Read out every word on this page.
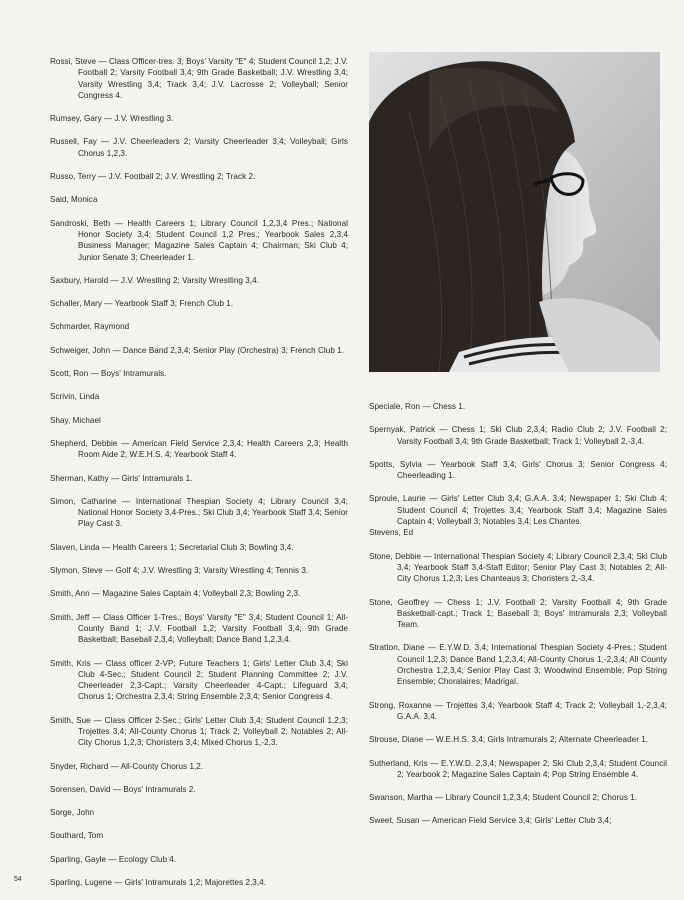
Rossi, Steve — Class Officer-tres. 3; Boys' Varsity "E" 4; Student Council 1,2; J.V. Football 2; Varsity Football 3,4; 9th Grade Basketball; J.V. Wrestling 3,4; Varsity Wrestling 3,4; Track 3,4; J.V. Lacrosse 2; Volleyball; Senior Congress 4.
Rumsey, Gary — J.V. Wrestling 3.
Russell, Fay — J.V. Cheerleaders 2; Varsity Cheerleader 3,4; Volleyball; Girls Chorus 1,2,3.
Russo, Terry — J.V. Football 2; J.V. Wrestling 2; Track 2.
Said, Monica
Sandroski, Beth — Health Careers 1; Library Council 1,2,3,4 Pres.; National Honor Society 3,4; Student Council 1,2 Pres.; Yearbook Sales 2,3,4 Business Manager; Magazine Sales Captain 4; Chairman; Ski Club 4; Junior Senate 3; Cheerleader 1.
Saxbury, Harold — J.V. Wrestling 2; Varsity Wrestling 3,4.
Schaller, Mary — Yearbook Staff 3; French Club 1.
Schmarder, Raymond
Schweiger, John — Dance Band 2,3,4; Senior Play (Orchestra) 3; French Club 1.
Scott, Ron — Boys' Intramurals.
Scrivin, Linda
Shay, Michael
Shepherd, Debbie — American Field Service 2,3,4; Health Careers 2,3; Health Room Aide 2; W.E.H.S. 4; Yearbook Staff 4.
Sherman, Kathy — Girls' Intramurals 1.
Simon, Catharine — International Thespian Society 4; Library Council 3,4; National Honor Society 3,4-Pres.; Ski Club 3,4; Yearbook Staff 3,4; Senior Play Cast 3.
Slaven, Linda — Health Careers 1; Secretarial Club 3; Bowling 3,4.
Slymon, Steve — Golf 4; J.V. Wrestling 3; Varsity Wrestling 4; Tennis 3.
Smith, Ann — Magazine Sales Captain 4; Volleyball 2,3; Bowling 2,3.
Smith, Jeff — Class Officer 1-Tres.; Boys' Varsity "E" 3,4; Student Council 1; All-County Band 1; J.V. Football 1,2; Varsity Football 3,4; 9th Grade Basketball; Baseball 2,3,4; Volleyball; Dance Band 1,2,3,4.
Smith, Kris — Class officer 2-VP; Future Teachers 1; Girls' Letter Club 3,4; Ski Club 4-Sec.; Student Council 2; Student Planning Committee 2; J.V. Cheerleader 2,3-Capt.; Varsity Cheerleader 4-Capt.; Lifeguard 3,4; Chorus 1; Orchestra 2,3,4; String Ensemble 2,3,4; Senior Congress 4.
Smith, Sue — Class Officer 2-Sec.; Girls' Letter Club 3,4; Student Council 1,2,3; Trojettes 3,4; All-County Chorus 1; Track 2; Volleyball 2; Notables 2; All-City Chorus 1,2,3; Choristers 3,4; Mixed Chorus 1,-2,3.
Snyder, Richard — All-County Chorus 1,2.
Sorensen, David — Boys' Intramurals 2.
Sorge, John
Southard, Tom
Sparling, Gayle — Ecology Club 4.
Sparling, Lugene — Girls' Intramurals 1,2; Majorettes 2,3,4.
Speciale, Ron — Chess 1.
Spernyak, Patrick — Chess 1; Ski Club 2,3,4; Radio Club 2; J.V. Football 2; Varsity Football 3,4; 9th Grade Basketball; Track 1; Volleyball 2,-3,4.
Spotts, Sylvia — Yearbook Staff 3,4; Girls' Chorus 3; Senior Congress 4; Cheerleading 1.
Sproule, Laurie — Girls' Letter Club 3,4; G.A.A. 3,4; Newspaper 1; Ski Club 4; Student Council 4; Trojettes 3,4; Yearbook Staff 3,4; Magazine Sales Captain 4; Volleyball 3; Notables 3,4; Les Chantes.
Stevens, Ed
Stone, Debbie — International Thespian Society 4; Library Council 2,3,4; Ski Club 3,4; Yearbook Staff 3,4-Staff Editor; Senior Play Cast 3; Notables 2; All-City Chorus 1,2,3; Les Chanteaus 3; Choristers 2,-3,4.
Stone, Geoffrey — Chess 1; J.V. Football 2; Varsity Football 4; 9th Grade Basketball-capt.; Track 1; Baseball 3; Boys' Intramurals 2,3; Volleyball Team.
Stratton, Diane — E.Y.W.D. 3,4; International Thespian Society 4-Pres.; Student Council 1,2,3; Dance Band 1,2,3,4; All-County Chorus 1,-2,3,4; All County Orchestra 1,2,3,4; Senior Play Cast 3; Woodwind Ensemble; Pop String Ensemble; Choralaires; Madrigal.
Strong, Roxanne — Trojettes 3,4; Yearbook Staff 4; Track 2; Volleyball 1,-2,3,4; G.A.A. 3,4.
Strouse, Diane — W.E.H.S. 3,4; Girls Intramurals 2; Alternate Cheerleader 1.
Sutherland, Kris — E.Y.W.D. 2,3,4; Newspaper 2; Ski Club 2,3,4; Student Council 2; Yearbook 2; Magazine Sales Captain 4; Pop String Ensemble 4.
Swanson, Martha — Library Council 1,2,3,4; Student Council 2; Chorus 1.
Sweet, Susan — American Field Service 3,4; Girls' Letter Club 3,4;
54
